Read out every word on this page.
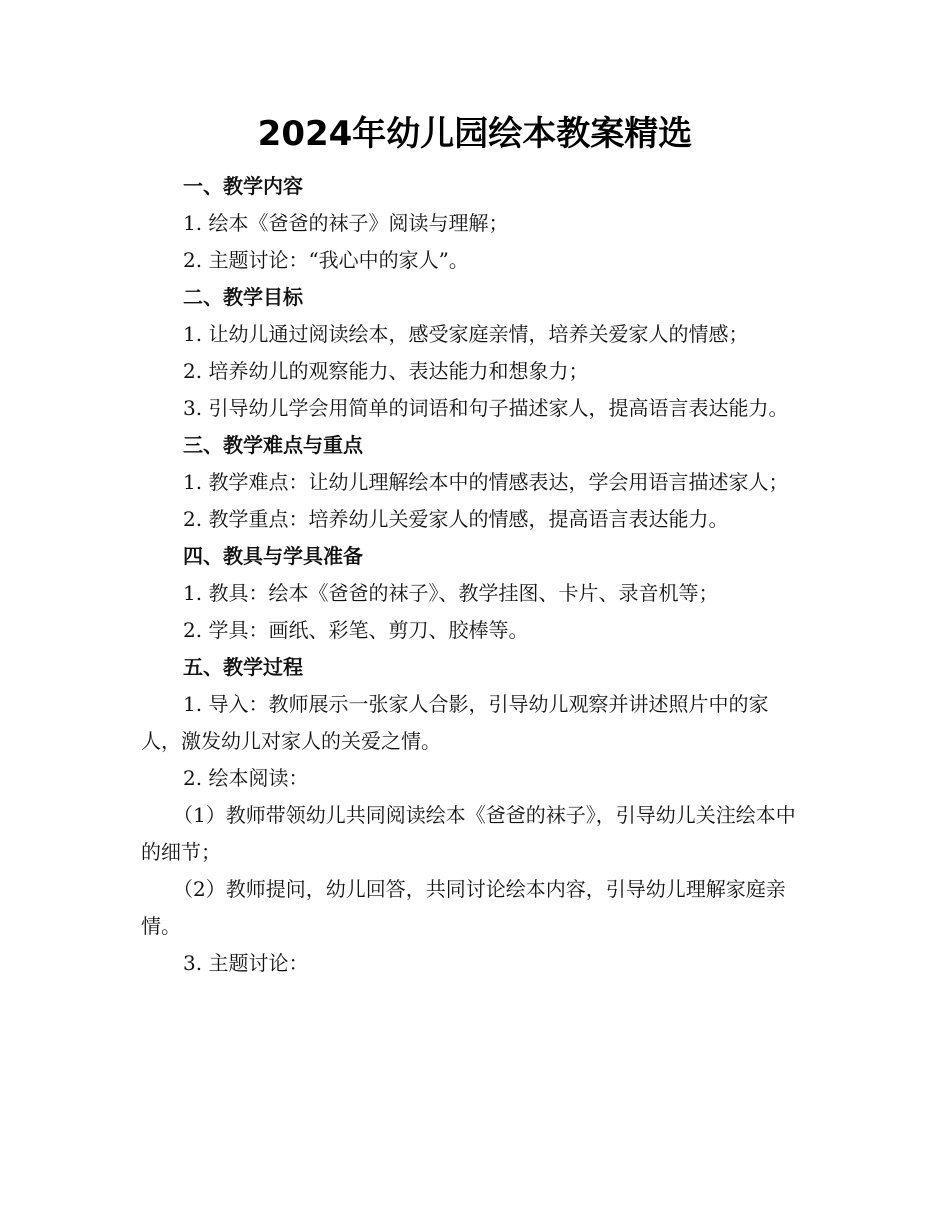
2024年幼儿园绘本教案精选

一、教学内容

1. 绘本《爸爸的袜子》阅读与理解；

2. 主题讨论：“我心中的家人”。

二、教学目标

1. 让幼儿通过阅读绘本，感受家庭亲情，培养关爱家人的情感；

2. 培养幼儿的观察能力、表达能力和想象力；

3. 引导幼儿学会用简单的词语和句子描述家人，提高语言表达能力。

三、教学难点与重点

1. 教学难点：让幼儿理解绘本中的情感表达，学会用语言描述家人；

2. 教学重点：培养幼儿关爱家人的情感，提高语言表达能力。

四、教具与学具准备

1. 教具：绘本《爸爸的袜子》、教学挂图、卡片、录音机等；

2. 学具：画纸、彩笔、剪刀、胶棒等。

五、教学过程

1. 导入：教师展示一张家人合影，引导幼儿观察并讲述照片中的家人，激发幼儿对家人的关爱之情。

2. 绘本阅读：

（1）教师带领幼儿共同阅读绘本《爸爸的袜子》，引导幼儿关注绘本中的细节；

（2）教师提问，幼儿回答，共同讨论绘本内容，引导幼儿理解家庭亲情。

3. 主题讨论：
